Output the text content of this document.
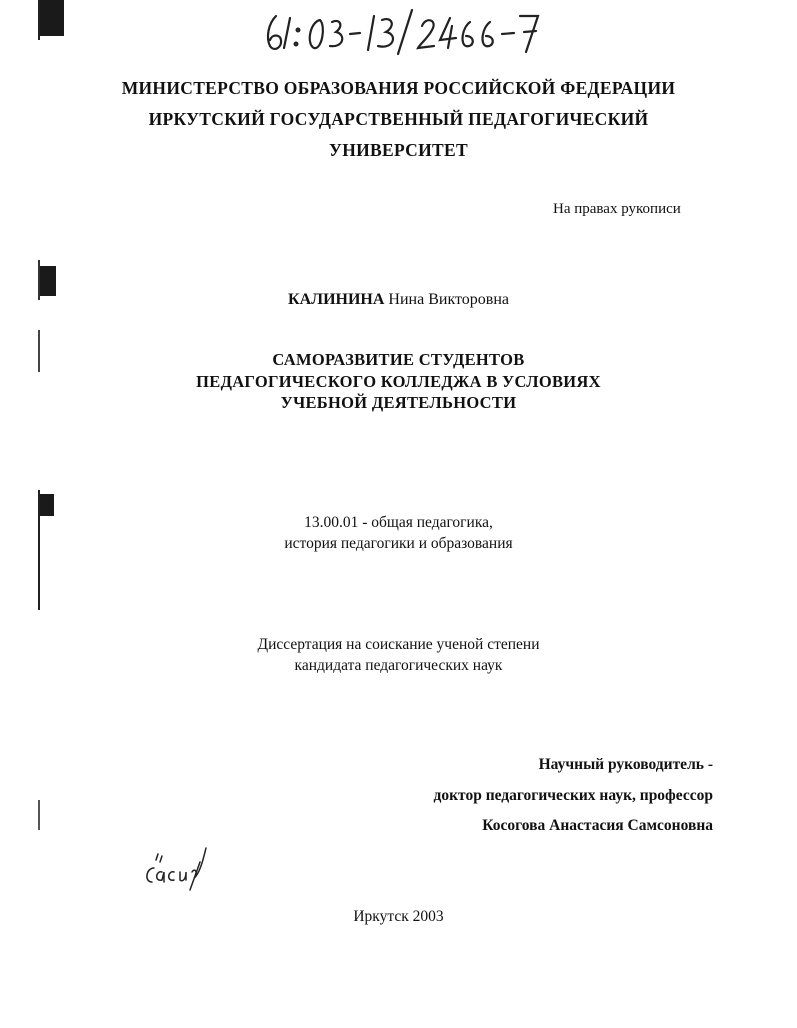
МИНИСТЕРСТВО ОБРАЗОВАНИЯ РОССИЙСКОЙ ФЕДЕРАЦИИ
ИРКУТСКИЙ ГОСУДАРСТВЕННЫЙ ПЕДАГОГИЧЕСКИЙ
УНИВЕРСИТЕТ
На правах рукописи
КАЛИНИНА Нина Викторовна
САМОРАЗВИТИЕ СТУДЕНТОВ
ПЕДАГОГИЧЕСКОГО КОЛЛЕДЖА В УСЛОВИЯХ
УЧЕБНОЙ ДЕЯТЕЛЬНОСТИ
13.00.01 - общая педагогика,
история педагогики и образования
Диссертация на соискание ученой степени
кандидата педагогических наук
Научный руководитель -
доктор педагогических наук, профессор
Косогова Анастасия Самсоновна
Иркутск 2003
